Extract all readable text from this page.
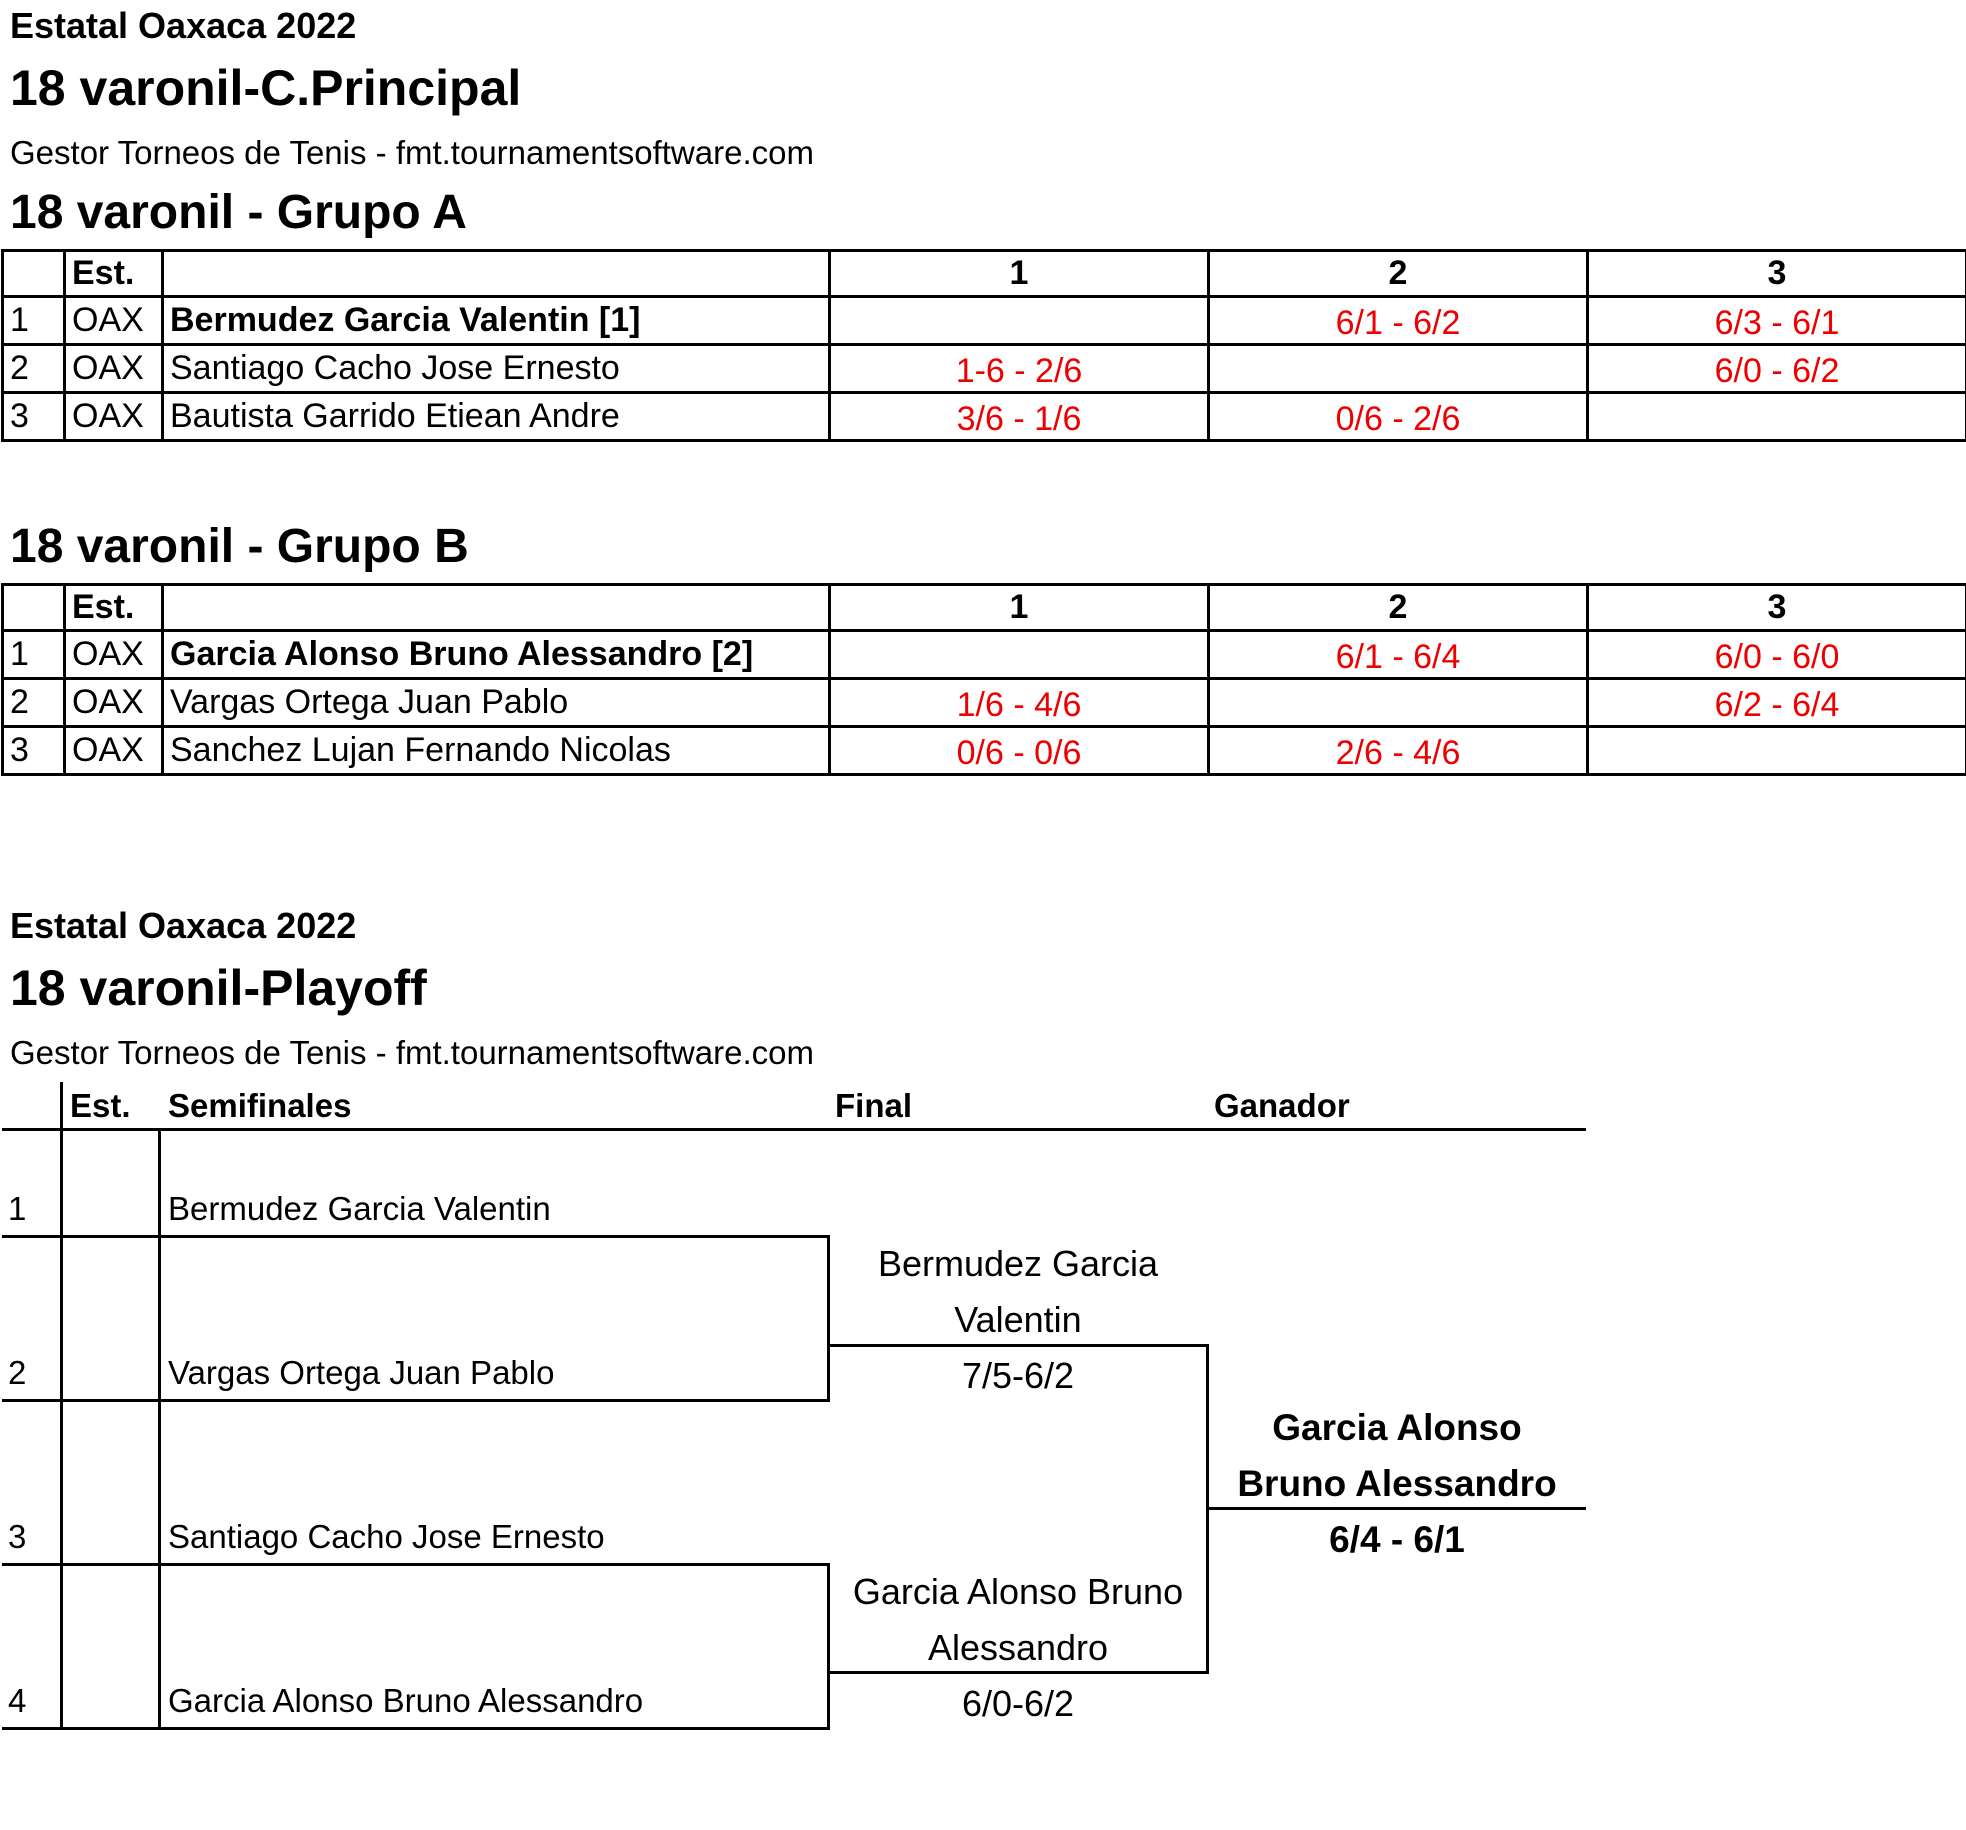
Estatal Oaxaca 2022
18 varonil-C.Principal
Gestor Torneos de Tenis - fmt.tournamentsoftware.com
18 varonil - Grupo A
	Est.		1	2	3
1	OAX	Bermudez Garcia Valentin [1]		6/1 - 6/2	6/3 - 6/1
2	OAX	Santiago Cacho Jose Ernesto	1-6 - 2/6		6/0 - 6/2
3	OAX	Bautista Garrido Etiean Andre	3/6 - 1/6	0/6 - 2/6	
18 varonil - Grupo B
	Est.		1	2	3
1	OAX	Garcia Alonso Bruno Alessandro [2]		6/1 - 6/4	6/0 - 6/0
2	OAX	Vargas Ortega Juan Pablo	1/6 - 4/6		6/2 - 6/4
3	OAX	Sanchez Lujan Fernando Nicolas	0/6 - 0/6	2/6 - 4/6	
Estatal Oaxaca 2022
18 varonil-Playoff
Gestor Torneos de Tenis - fmt.tournamentsoftware.com
Est. Semifinales	Final	Ganador
1	Bermudez Garcia Valentin
2	Vargas Ortega Juan Pablo
3	Santiago Cacho Jose Ernesto
4	Garcia Alonso Bruno Alessandro
Bermudez Garcia
Valentin
7/5-6/2
Garcia Alonso Bruno
Alessandro
6/0-6/2
Garcia Alonso
Bruno Alessandro
6/4 - 6/1
